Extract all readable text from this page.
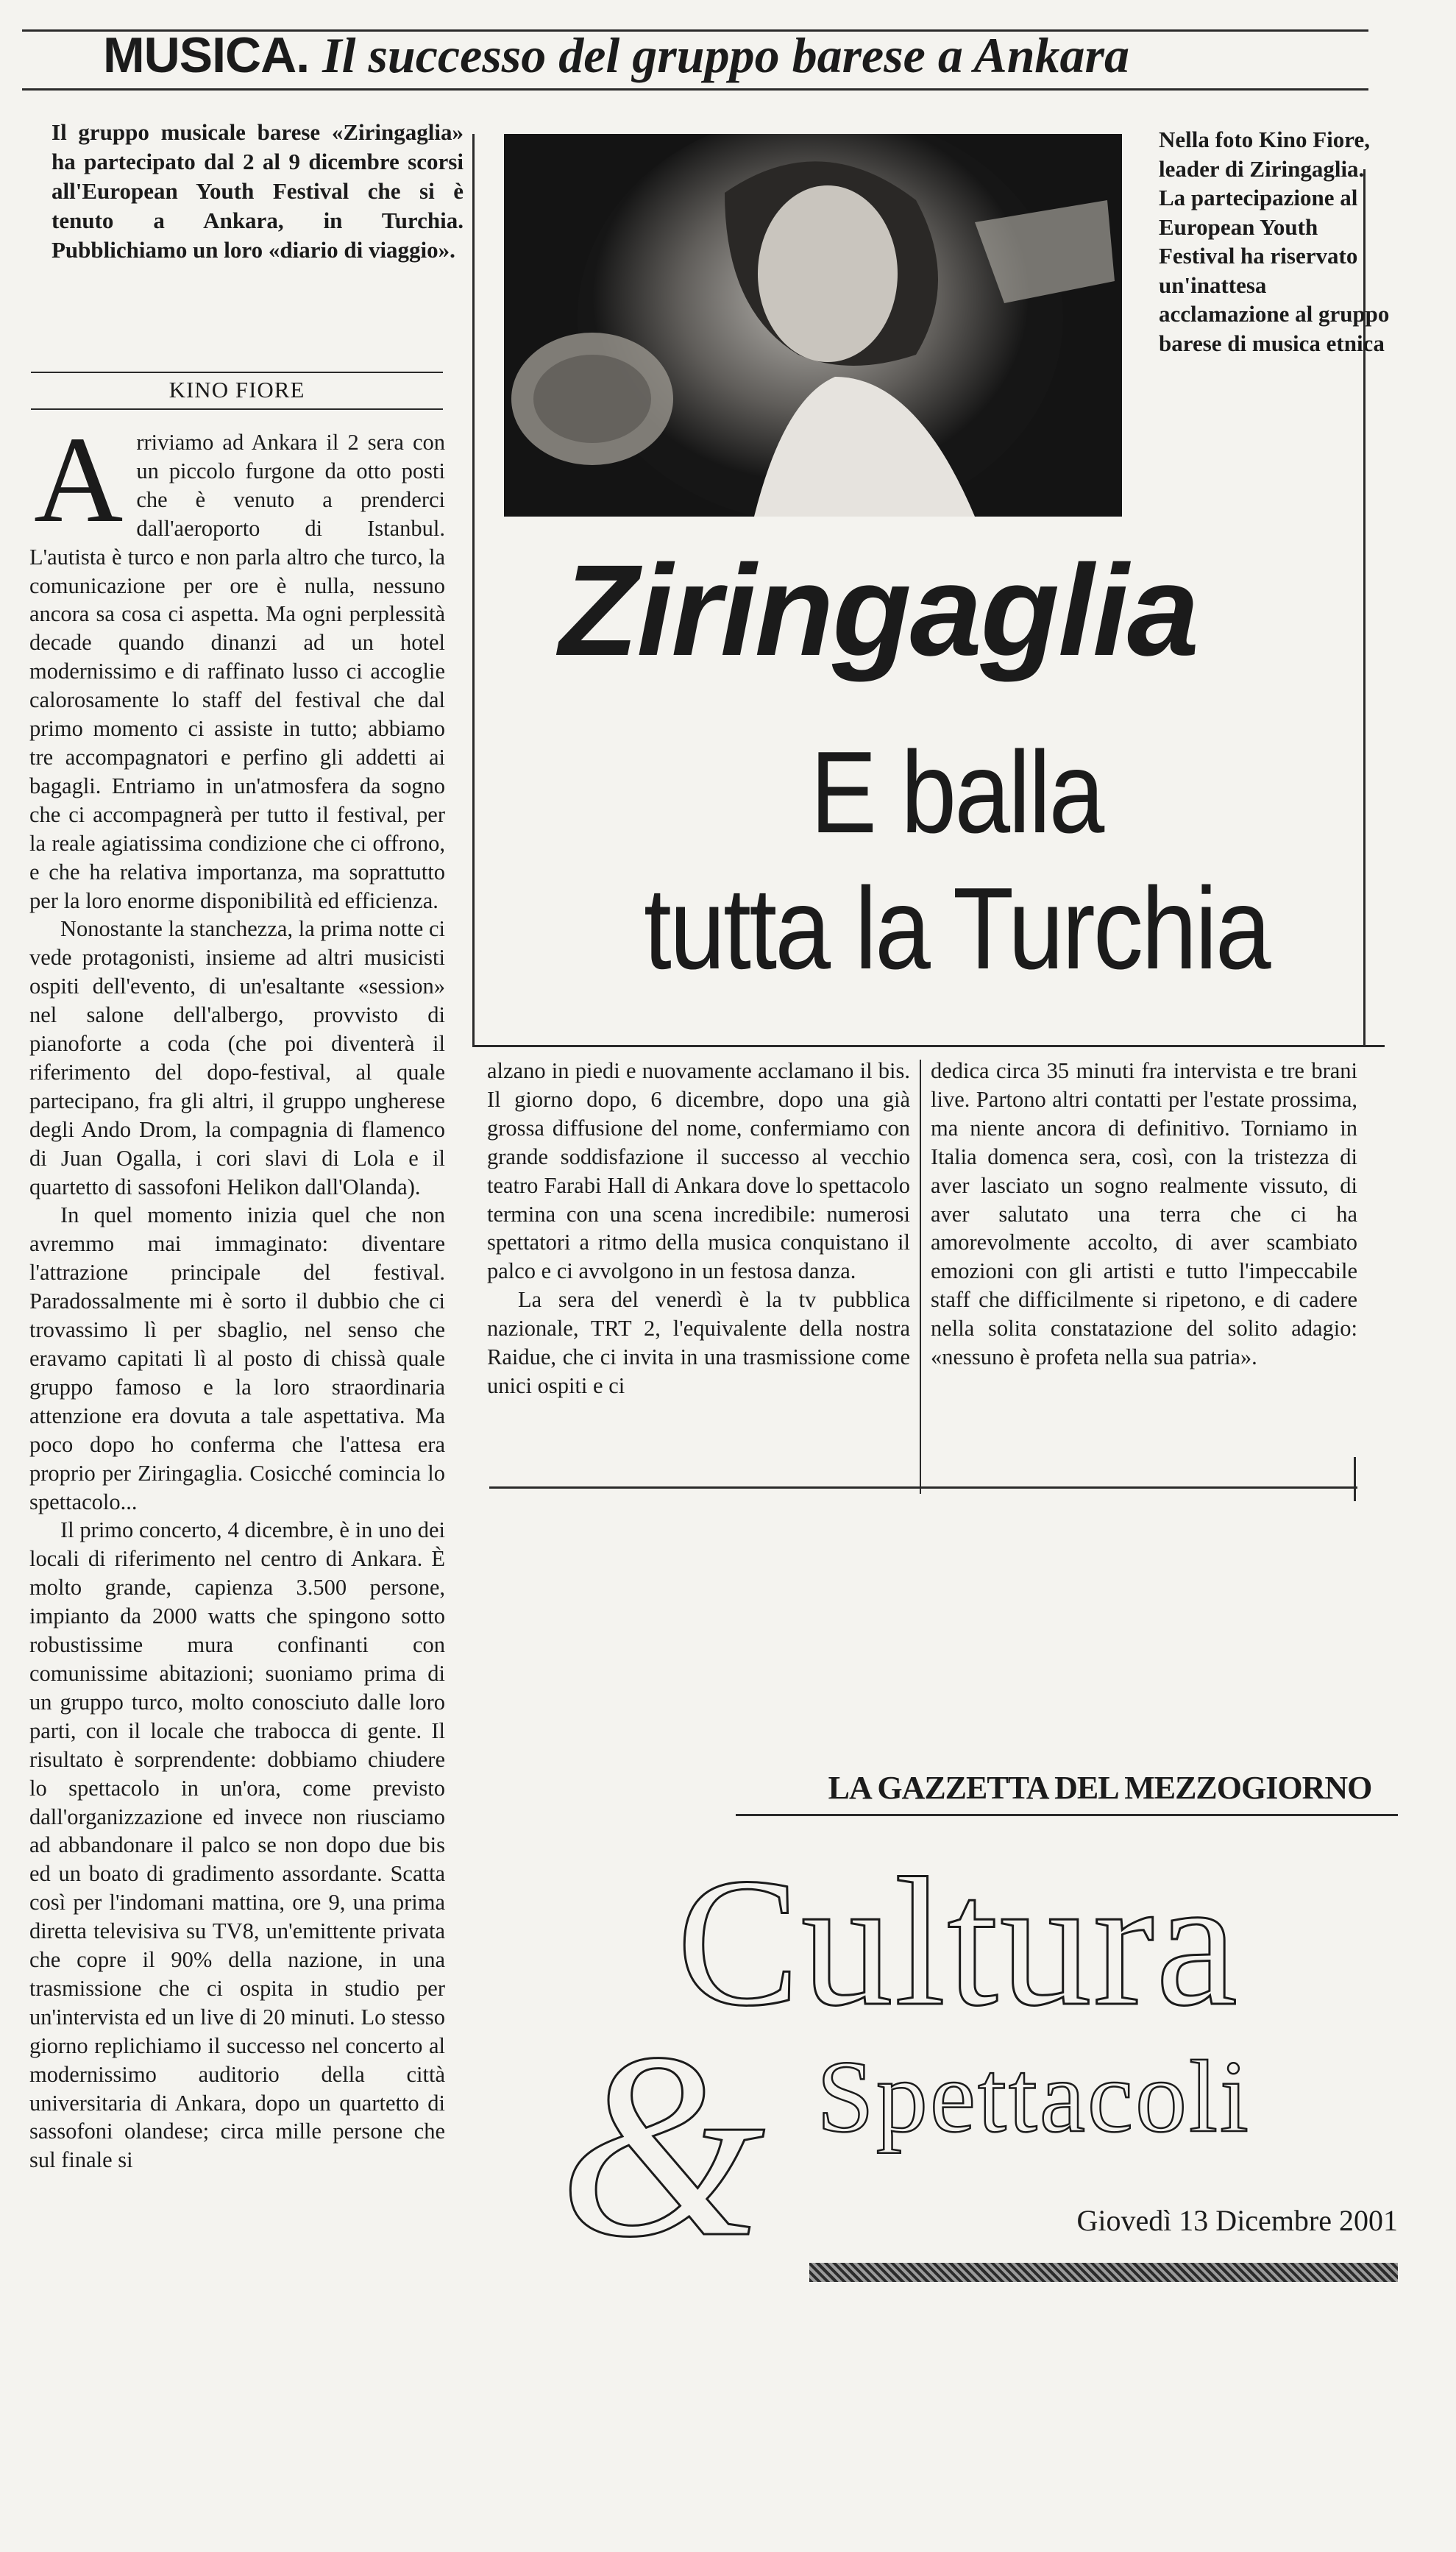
MUSICA. Il successo del gruppo barese a Ankara
Il gruppo musicale barese «Ziringaglia» ha partecipato dal 2 al 9 dicembre scorsi all'European Youth Festival che si è tenuto a Ankara, in Turchia. Pubblichiamo un loro «diario di viaggio».
KINO FIORE

Arriviamo ad Ankara il 2 sera con un piccolo furgone da otto posti che è venuto a prenderci dall'aeroporto di Istanbul. L'autista è turco e non parla altro che turco, la comunicazione per ore è nulla, nessuno ancora sa cosa ci aspetta. Ma ogni perplessità decade quando dinanzi ad un hotel modernissimo e di raffinato lusso ci accoglie calorosamente lo staff del festival che dal primo momento ci assiste in tutto; abbiamo tre accompagnatori e perfino gli addetti ai bagagli. Entriamo in un'atmosfera da sogno che ci accompagnerà per tutto il festival, per la reale agiatissima condizione che ci offrono, e che ha relativa importanza, ma soprattutto per la loro enorme disponibilità ed efficienza.

Nonostante la stanchezza, la prima notte ci vede protagonisti, insieme ad altri musicisti ospiti dell'evento, di un'esaltante «session» nel salone dell'albergo, provvisto di pianoforte a coda (che poi diventerà il riferimento del dopo-festival, al quale partecipano, fra gli altri, il gruppo ungherese degli Ando Drom, la compagnia di flamenco di Juan Ogalla, i cori slavi di Lola e il quartetto di sassofoni Helikon dall'Olanda).

In quel momento inizia quel che non avremmo mai immaginato: diventare l'attrazione principale del festival. Paradossalmente mi è sorto il dubbio che ci trovassimo lì per sbaglio, nel senso che eravamo capitati lì al posto di chissà quale gruppo famoso e la loro straordinaria attenzione era dovuta a tale aspettativa. Ma poco dopo ho conferma che l'attesa era proprio per Ziringaglia. Cosicché comincia lo spettacolo...

Il primo concerto, 4 dicembre, è in uno dei locali di riferimento nel centro di Ankara. È molto grande, capienza 3.500 persone, impianto da 2000 watts che spingono sotto robustissime mura confinanti con comunissime abitazioni; suoniamo prima di un gruppo turco, molto conosciuto dalle loro parti, con il locale che trabocca di gente. Il risultato è sorprendente: dobbiamo chiudere lo spettacolo in un'ora, come previsto dall'organizzazione ed invece non riusciamo ad abbandonare il palco se non dopo due bis ed un boato di gradimento assordante. Scatta così per l'indomani mattina, ore 9, una prima diretta televisiva su TV8, un'emittente privata che copre il 90% della nazione, in una trasmissione che ci ospita in studio per un'intervista ed un live di 20 minuti. Lo stesso giorno replichiamo il successo nel concerto al modernissimo auditorio della città universitaria di Ankara, dopo un quartetto di sassofoni olandese; circa mille persone che sul finale si

Nella foto Kino Fiore, leader di Ziringaglia. La partecipazione al European Youth Festival ha riservato un'inattesa acclamazione al gruppo barese di musica etnica
Ziringaglia
E balla
tutta la Turchia

alzano in piedi e nuovamente acclamano il bis. Il giorno dopo, 6 dicembre, dopo una già grossa diffusione del nome, confermiamo con grande soddisfazione il successo al vecchio teatro Farabi Hall di Ankara dove lo spettacolo termina con una scena incredibile: numerosi spettatori a ritmo della musica conquistano il palco e ci avvolgono in un festosa danza.

La sera del venerdì è la tv pubblica nazionale, TRT 2, l'equivalente della nostra Raidue, che ci invita in una trasmissione come unici ospiti e ci

dedica circa 35 minuti fra intervista e tre brani live. Partono altri contatti per l'estate prossima, ma niente ancora di definitivo. Torniamo in Italia domenca sera, così, con la tristezza di aver lasciato un sogno realmente vissuto, di aver salutato una terra che ci ha amorevolmente accolto, di aver scambiato emozioni con gli artisti e tutto l'impeccabile staff che difficilmente si ripetono, e di cadere nella solita constatazione del solito adagio: «nessuno è profeta nella sua patria».

LA GAZZETTA DEL MEZZOGIORNO
Cultura
& Spettacoli
Giovedì 13 Dicembre 2001
